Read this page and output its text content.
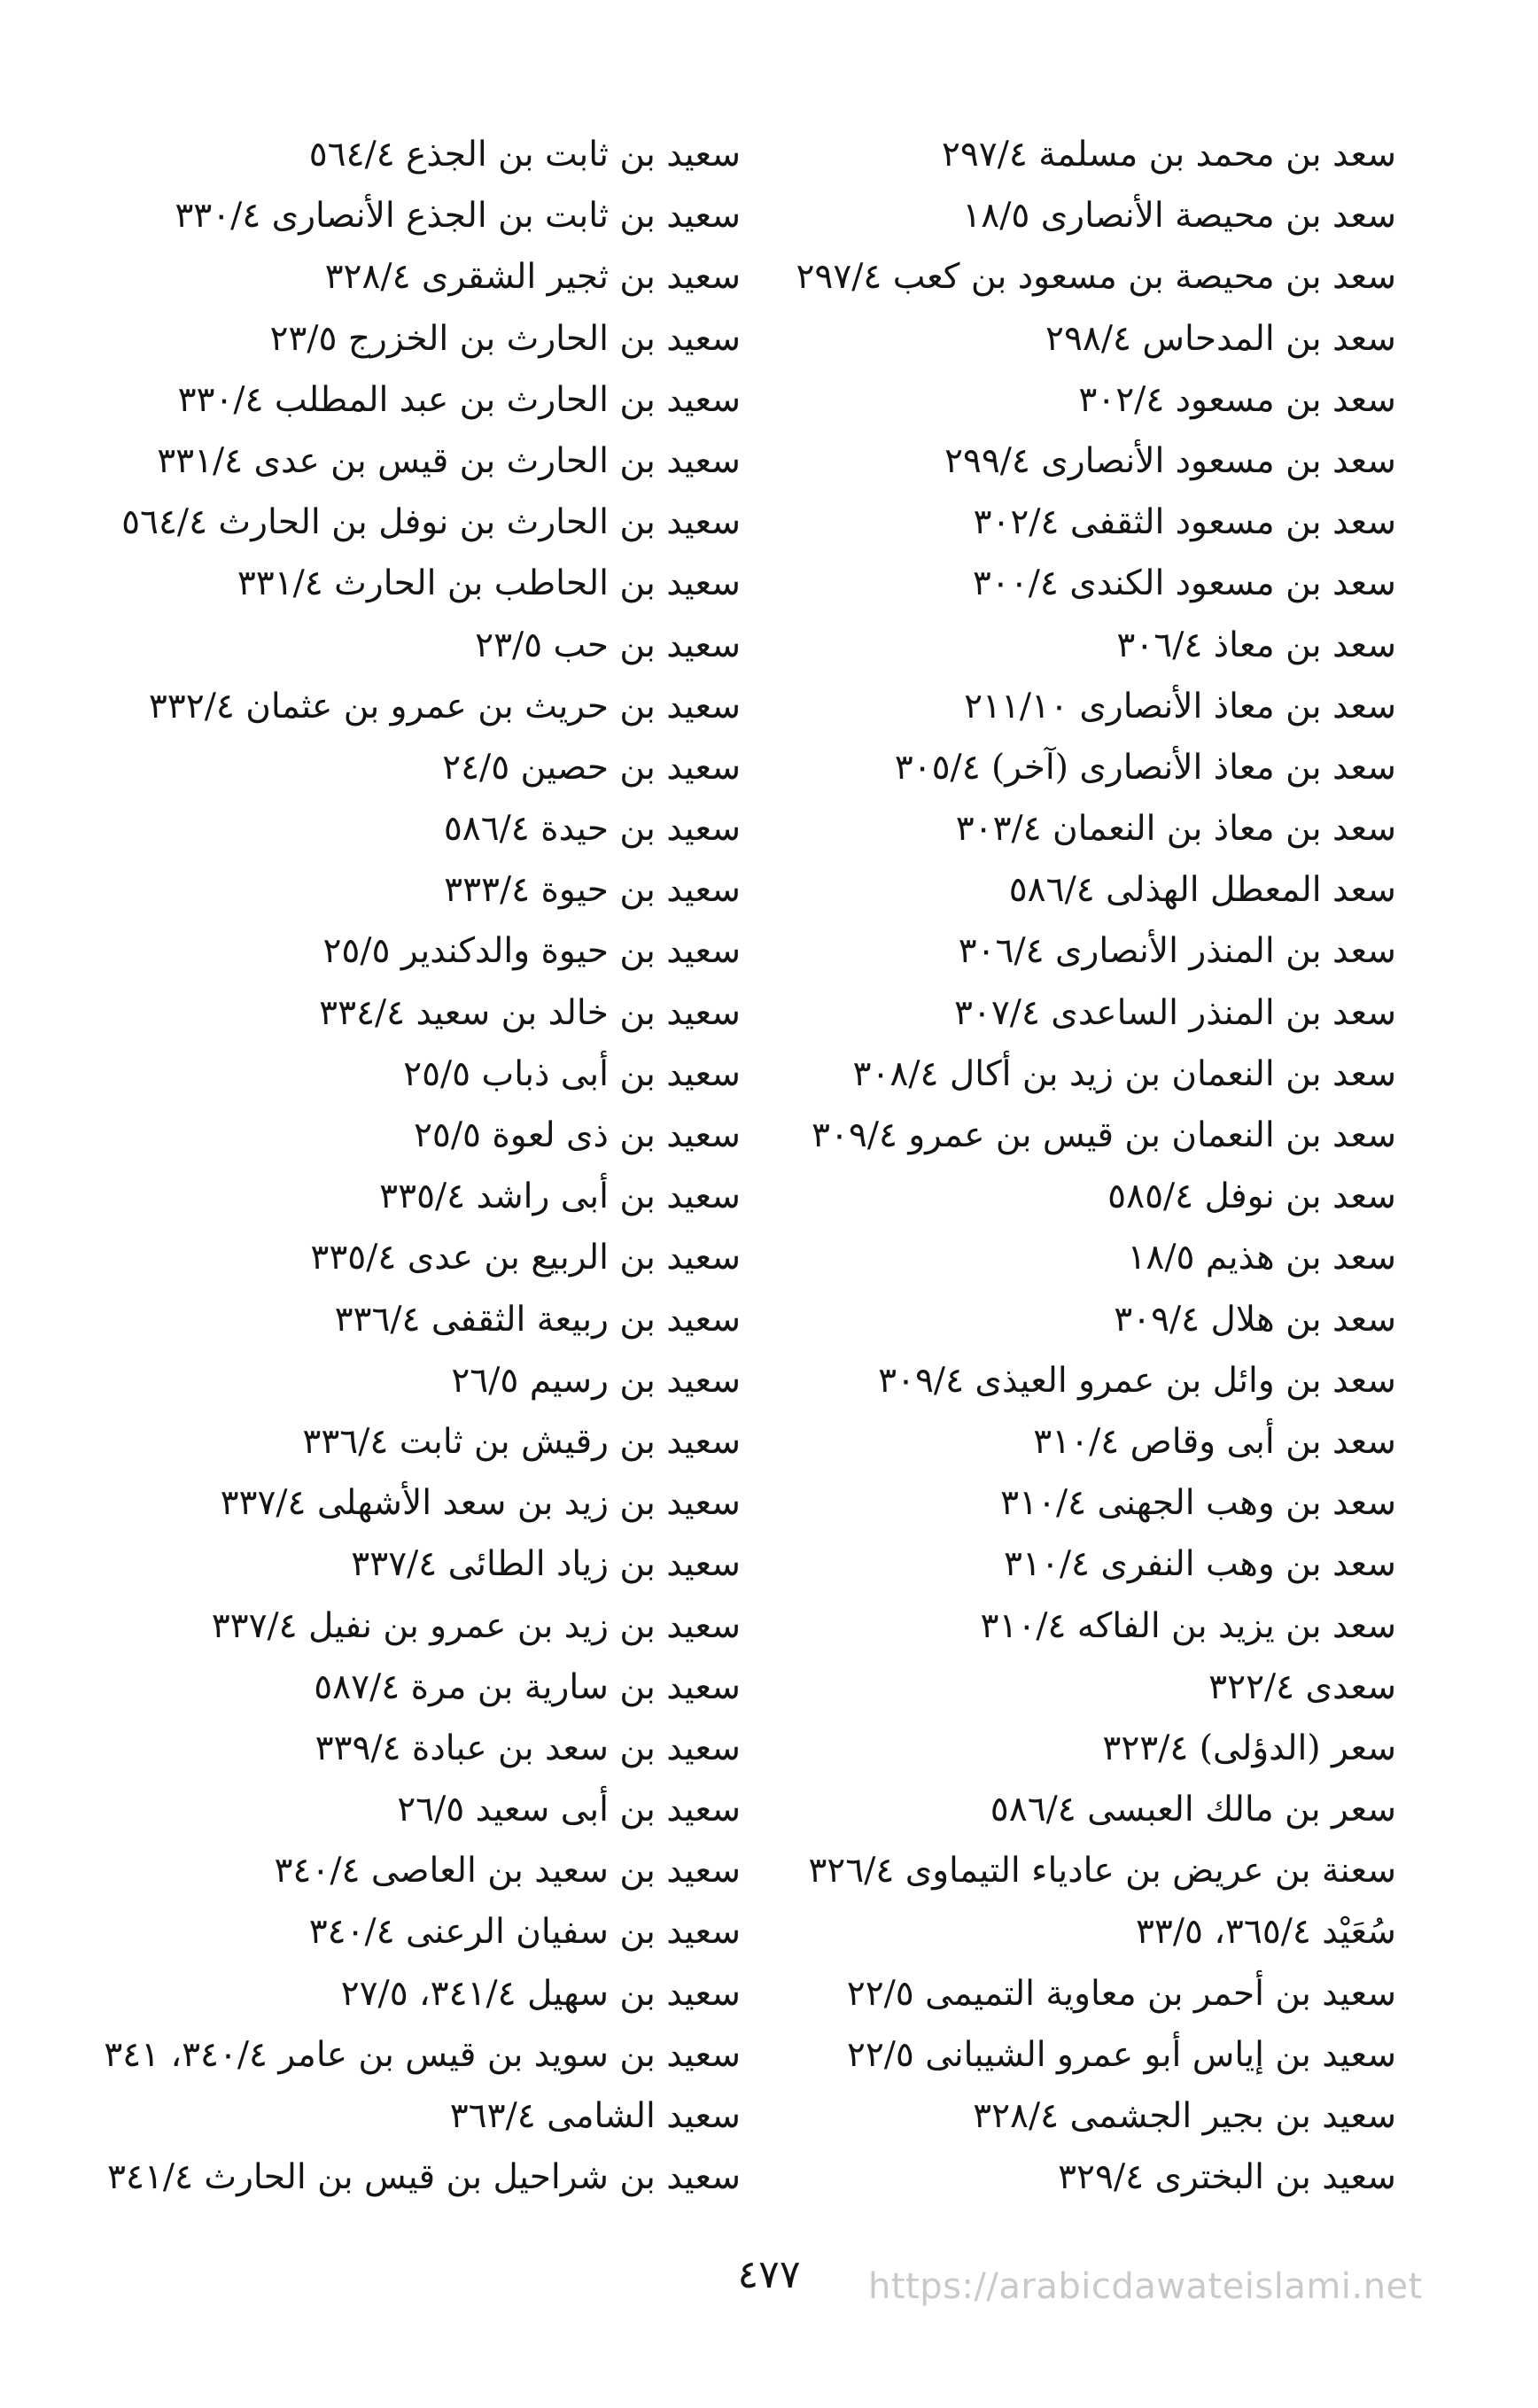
سعد بن محمد بن مسلمة ٢٩٧/٤
سعد بن محيصة الأنصارى ١٨/٥
سعد بن محيصة بن مسعود بن كعب ٢٩٧/٤
سعد بن المدحاس ٢٩٨/٤
سعد بن مسعود ٣٠٢/٤
سعد بن مسعود الأنصارى ٢٩٩/٤
سعد بن مسعود الثقفى ٣٠٢/٤
سعد بن مسعود الكندى ٣٠٠/٤
سعد بن معاذ ٣٠٦/٤
سعد بن معاذ الأنصارى ٢١١/١٠
سعد بن معاذ الأنصارى (آخر) ٣٠٥/٤
سعد بن معاذ بن النعمان ٣٠٣/٤
سعد المعطل الهذلى ٥٨٦/٤
سعد بن المنذر الأنصارى ٣٠٦/٤
سعد بن المنذر الساعدى ٣٠٧/٤
سعد بن النعمان بن زيد بن أكال ٣٠٨/٤
سعد بن النعمان بن قيس بن عمرو ٣٠٩/٤
سعد بن نوفل ٥٨٥/٤
سعد بن هذيم ١٨/٥
سعد بن هلال ٣٠٩/٤
سعد بن وائل بن عمرو العيذى ٣٠٩/٤
سعد بن أبى وقاص ٣١٠/٤
سعد بن وهب الجهنى ٣١٠/٤
سعد بن وهب النفرى ٣١٠/٤
سعد بن يزيد بن الفاكه ٣١٠/٤
سعدى ٣٢٢/٤
سعر (الدؤلى) ٣٢٣/٤
سعر بن مالك العبسى ٥٨٦/٤
سعنة بن عريض بن عادياء التيماوى ٣٢٦/٤
سُعَيْد ٣٦٥/٤، ٣٣/٥
سعيد بن أحمر بن معاوية التميمى ٢٢/٥
سعيد بن إياس أبو عمرو الشيبانى ٢٢/٥
سعيد بن بجير الجشمى ٣٢٨/٤
سعيد بن البخترى ٣٢٩/٤
سعيد بن ثابت بن الجذع ٥٦٤/٤
سعيد بن ثابت بن الجذع الأنصارى ٣٣٠/٤
سعيد بن ثجير الشقرى ٣٢٨/٤
سعيد بن الحارث بن الخزرج ٢٣/٥
سعيد بن الحارث بن عبد المطلب ٣٣٠/٤
سعيد بن الحارث بن قيس بن عدى ٣٣١/٤
سعيد بن الحارث بن نوفل بن الحارث ٥٦٤/٤
سعيد بن الحاطب بن الحارث ٣٣١/٤
سعيد بن حب ٢٣/٥
سعيد بن حريث بن عمرو بن عثمان ٣٣٢/٤
سعيد بن حصين ٢٤/٥
سعيد بن حيدة ٥٨٦/٤
سعيد بن حيوة ٣٣٣/٤
سعيد بن حيوة والدكندير ٢٥/٥
سعيد بن خالد بن سعيد ٣٣٤/٤
سعيد بن أبى ذباب ٢٥/٥
سعيد بن ذى لعوة ٢٥/٥
سعيد بن أبى راشد ٣٣٥/٤
سعيد بن الربيع بن عدى ٣٣٥/٤
سعيد بن ربيعة الثقفى ٣٣٦/٤
سعيد بن رسيم ٢٦/٥
سعيد بن رقيش بن ثابت ٣٣٦/٤
سعيد بن زيد بن سعد الأشهلى ٣٣٧/٤
سعيد بن زياد الطائى ٣٣٧/٤
سعيد بن زيد بن عمرو بن نفيل ٣٣٧/٤
سعيد بن سارية بن مرة ٥٨٧/٤
سعيد بن سعد بن عبادة ٣٣٩/٤
سعيد بن أبى سعيد ٢٦/٥
سعيد بن سعيد بن العاصى ٣٤٠/٤
سعيد بن سفيان الرعنى ٣٤٠/٤
سعيد بن سهيل ٣٤١/٤، ٢٧/٥
سعيد بن سويد بن قيس بن عامر ٣٤٠/٤، ٣٤١
سعيد الشامى ٣٦٣/٤
سعيد بن شراحيل بن قيس بن الحارث ٣٤١/٤
٤٧٧	https://arabicdawateislami.net
